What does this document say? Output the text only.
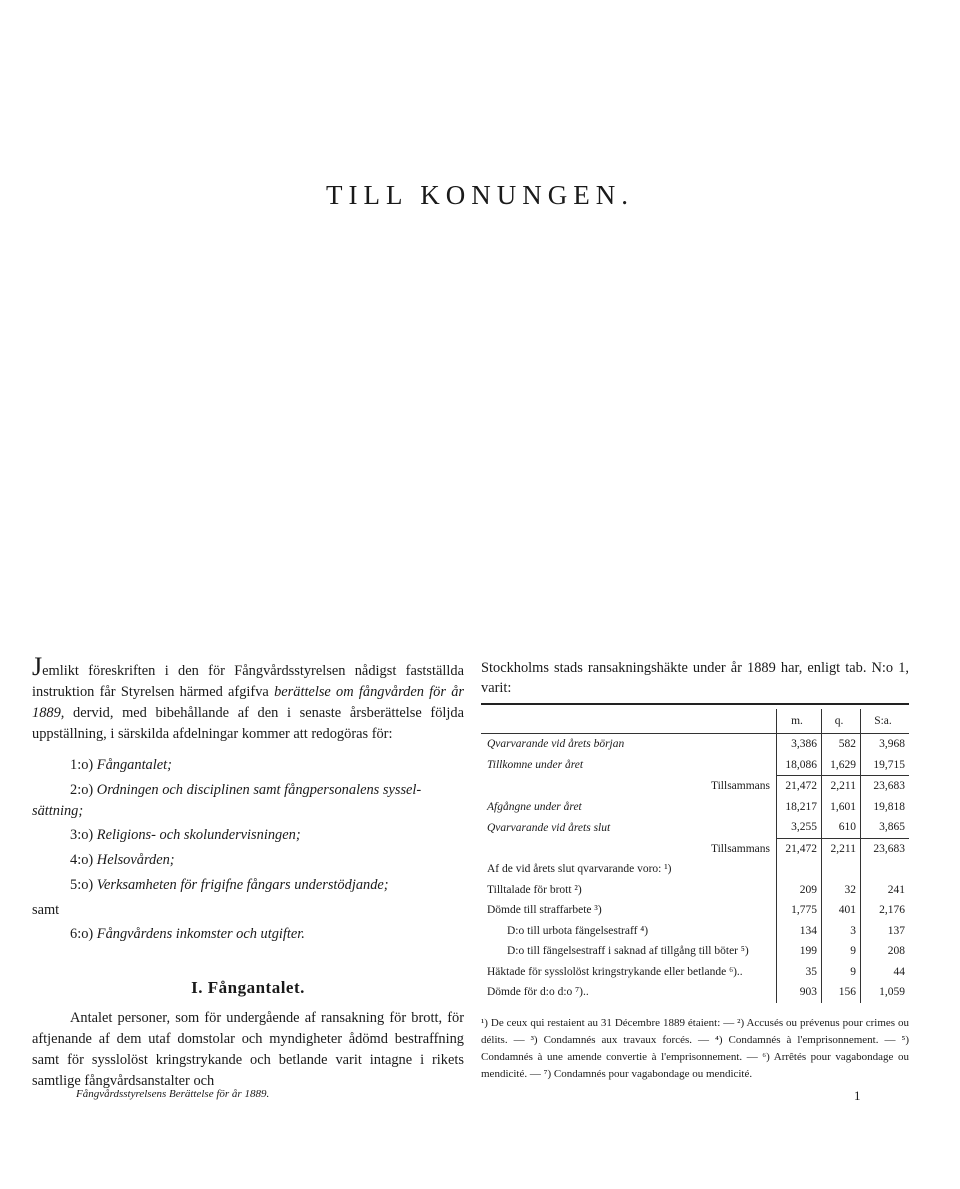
TILL KONUNGEN.

Jemlikt föreskriften i den för Fångvårdsstyrelsen nådigst fastställda instruktion får Styrelsen härmed afgifva berättelse om fångvården för år 1889, dervid, med bibehållande af den i senaste årsberättelse följda uppställning, i särskilda afdelningar kommer att redogöras för:

1:o) Fångantalet;
2:o) Ordningen och disciplinen samt fångpersonalens syssel-
sättning;
3:o) Religions- och skolundervisningen;
4:o) Helsovården;
5:o) Verksamheten för frigifne fångars understödjande;
samt
6:o) Fångvårdens inkomster och utgifter.
I. Fångantalet.

Antalet personer, som för undergående af ransakning för brott, för aftjenande af dem utaf domstolar och myndigheter ådömd bestraffning samt för sysslolöst kringstrykande och betlande varit intagne i rikets samtlige fångvårdsanstalter och

Fångvårdsstyrelsens Berättelse för år 1889.
Stockholms stads ransakningshäkte under år 1889 har, enligt tab. N:o 1, varit:
	m.	q.	S:a.
Qvarvarande vid årets början	3,386	582	3,968
Tillkomne under året	18,086	1,629	19,715
Tillsammans	21,472	2,211	23,683
Afgångne under året	18,217	1,601	19,818
Qvarvarande vid årets slut	3,255	610	3,865
Tillsammans	21,472	2,211	23,683
Af de vid årets slut qvarvarande voro: ¹)			
Tilltalade för brott ²)	209	32	241
Dömde till straffarbete ³)	1,775	401	2,176
D:o till urbota fängelsestraff ⁴)	134	3	137
D:o till fängelsestraff i saknad af tillgång till böter ⁵)	199	9	208
Häktade för sysslolöst kringstrykande eller betlande ⁶)..	35	9	44
Dömde för d:o d:o ⁷)..	903	156	1,059
¹) De ceux qui restaient au 31 Décembre 1889 étaient: — ²) Accusés ou prévenus pour crimes ou délits. — ³) Condamnés aux travaux forcés. — ⁴) Condamnés à l'emprisonnement. — ⁵) Condamnés à une amende convertie à l'emprisonnement. — ⁶) Arrêtés pour vagabondage ou mendicité. — ⁷) Condamnés pour vagabondage ou mendicité.
1
